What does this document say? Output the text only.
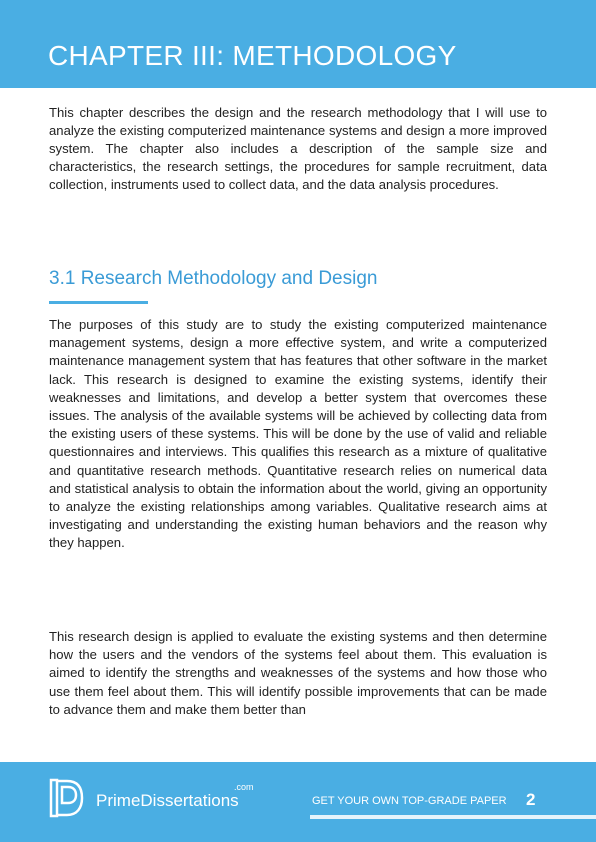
CHAPTER III: METHODOLOGY

This chapter describes the design and the research methodology that I will use to analyze the existing computerized maintenance systems and design a more improved system. The chapter also includes a description of the sample size and characteristics, the research settings, the procedures for sample recruitment, data collection, instruments used to collect data, and the data analysis procedures.

3.1 Research Methodology and Design

The purposes of this study are to study the existing computerized maintenance management systems, design a more effective system, and write a computerized maintenance management system that has features that other software in the market lack. This research is designed to examine the existing systems, identify their weaknesses and limitations, and develop a better system that overcomes these issues. The analysis of the available systems will be achieved by collecting data from the existing users of these systems. This will be done by the use of valid and reliable questionnaires and interviews. This qualifies this research as a mixture of qualitative and quantitative research methods. Quantitative research relies on numerical data and statistical analysis to obtain the information about the world, giving an opportunity to analyze the existing relationships among variables. Qualitative research aims at investigating and understanding the existing human behaviors and the reason why they happen.

This research design is applied to evaluate the existing systems and then determine how the users and the vendors of the systems feel about them. This evaluation is aimed to identify the strengths and weaknesses of the systems and how those who use them feel about them. This will identify possible improvements that can be made to advance them and make them better than

.com
PrimeDissertations	GET YOUR OWN TOP-GRADE PAPER 2
